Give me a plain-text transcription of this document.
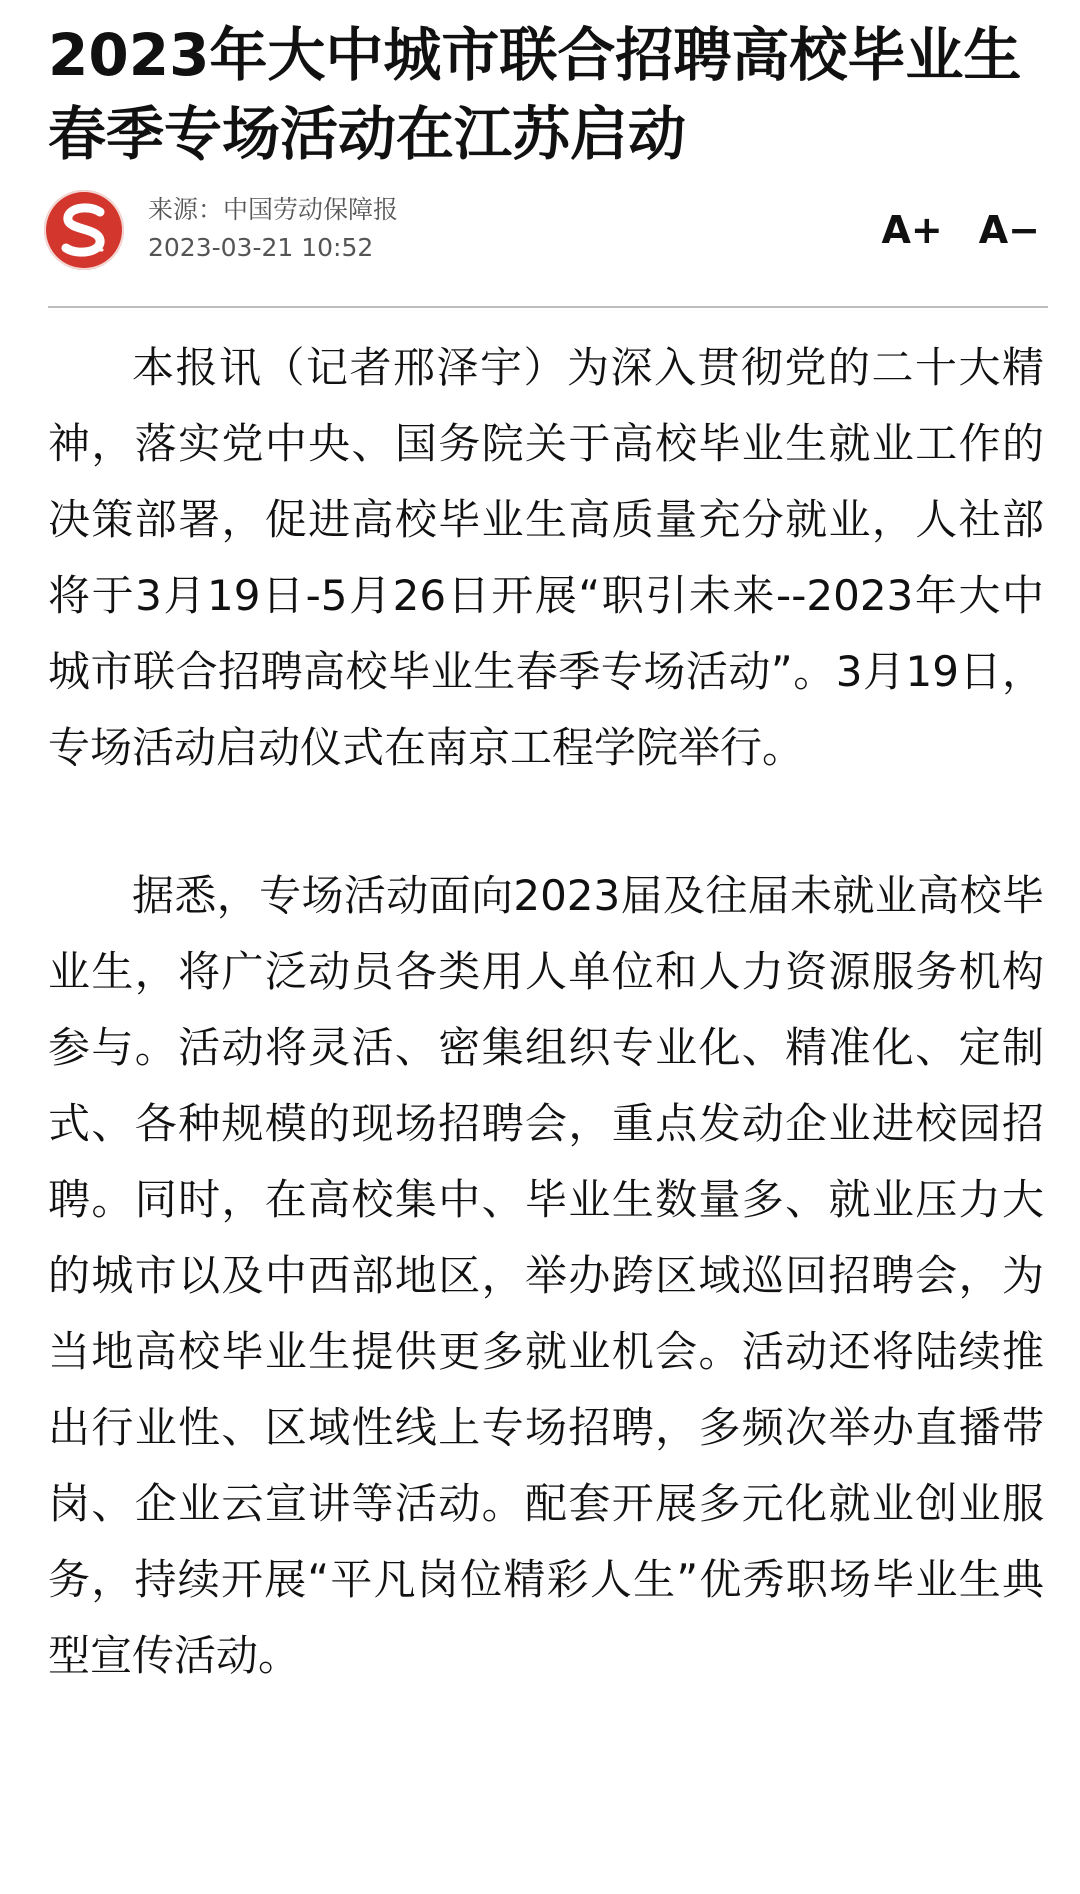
2023年大中城市联合招聘高校毕业生春季专场活动在江苏启动
来源：中国劳动保障报
2023-03-21 10:52	A+ A−

本报讯（记者邢泽宇）为深入贯彻党的二十大精神，落实党中央、国务院关于高校毕业生就业工作的决策部署，促进高校毕业生高质量充分就业，人社部将于3月19日-5月26日开展“职引未来--2023年大中城市联合招聘高校毕业生春季专场活动”。3月19日，专场活动启动仪式在南京工程学院举行。

据悉，专场活动面向2023届及往届未就业高校毕业生，将广泛动员各类用人单位和人力资源服务机构参与。活动将灵活、密集组织专业化、精准化、定制式、各种规模的现场招聘会，重点发动企业进校园招聘。同时，在高校集中、毕业生数量多、就业压力大的城市以及中西部地区，举办跨区域巡回招聘会，为当地高校毕业生提供更多就业机会。活动还将陆续推出行业性、区域性线上专场招聘，多频次举办直播带岗、企业云宣讲等活动。配套开展多元化就业创业服务，持续开展“平凡岗位精彩人生”优秀职场毕业生典型宣传活动。
